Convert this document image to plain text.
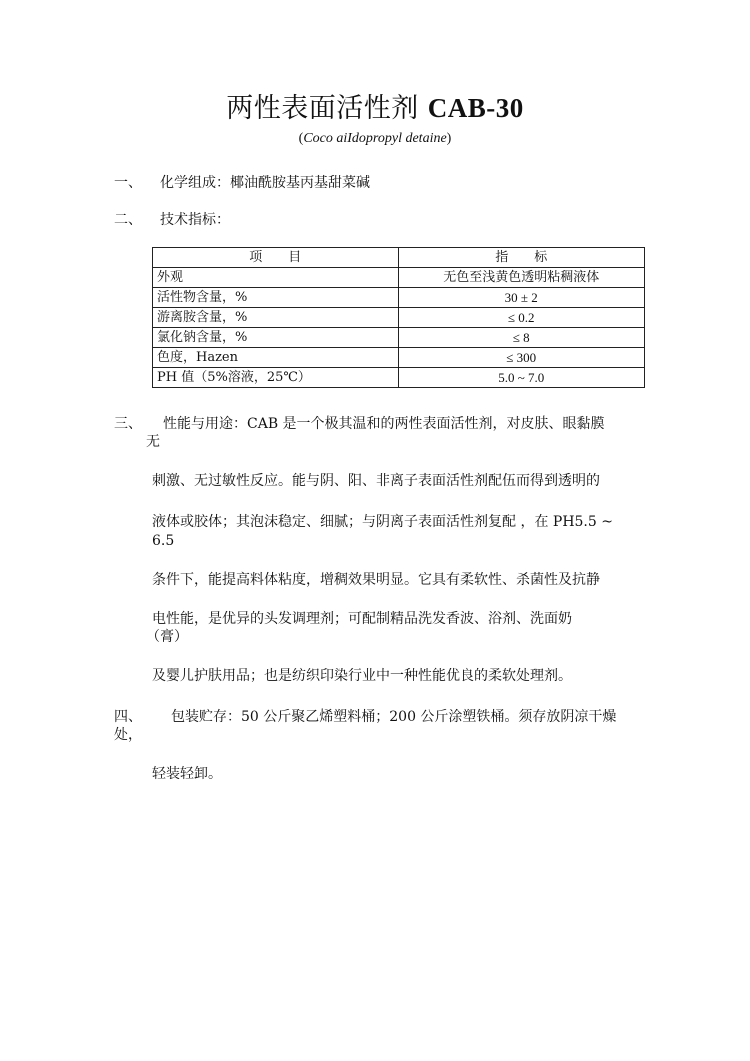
两性表面活性剂 CAB-30
(Coco aiIdopropyl detaine)
一、 化学组成：椰油酰胺基丙基甜菜碱
二、 技术指标：
项　　目	指　　标
外观	无色至浅黄色透明粘稠液体
活性物含量，%	30 ± 2
游离胺含量，%	≤ 0.2
氯化钠含量，%	≤ 8
色度，Hazen	≤ 300
PH 值（5%溶液，25℃）	5.0 ~ 7.0
三、 性能与用途：CAB 是一个极其温和的两性表面活性剂，对皮肤、眼黏膜
无
刺激、无过敏性反应。能与阴、阳、非离子表面活性剂配伍而得到透明的
液体或胶体；其泡沫稳定、细腻；与阴离子表面活性剂复配 ，在 PH5.5 ~
6.5
条件下，能提高料体粘度，增稠效果明显。它具有柔软性、杀菌性及抗静
电性能，是优异的头发调理剂；可配制精品洗发香波、浴剂、洗面奶
（膏）
及婴儿护肤用品；也是纺织印染行业中一种性能优良的柔软处理剂。
四、 包装贮存：50 公斤聚乙烯塑料桶；200 公斤涂塑铁桶。须存放阴凉干燥
处，
轻装轻卸。
